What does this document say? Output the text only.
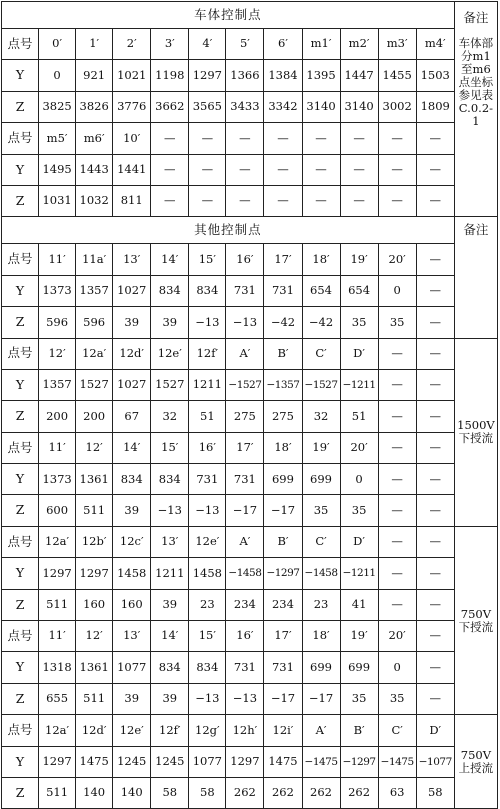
车体控制点												备注
车体部分m1至m6点坐标参见表C.0.2-1

点号	0′	1′	2′	3′	4′	5′	6′	m1′	m2′	m3′	m4′	
Y	0	921	1021	1198	1297	1366	1384	1395	1447	1455	1503	
Z	3825	3826	3776	3662	3565	3433	3342	3140	3140	3002	1809	
点号	m5′	m6′	10′	—	—	—	—	—	—	—	—	
Y	1495	1443	1441	—	—	—	—	—	—	—	—	
Z	1031	1032	811	—	—	—	—	—	—	—	—	
其他控制点												备注
点号	11′	11a′	13′	14′	15′	16′	17′	18′	19′	20′	—	
Y	1373	1357	1027	834	834	731	731	654	654	0	—	
Z	596	596	39	39	−13	−13	−42	−42	35	35	—	
点号	12′	12a′	12d′	12e′	12f′	A′	B′	C′	D′	—	—	1500V下授流
Y	1357	1527	1027	1527	1211	−1527	−1357	−1527	−1211	—	—	
Z	200	200	67	32	51	275	275	32	51	—	—	
点号	11′	12′	14′	15′	16′	17′	18′	19′	20′	—	—	
Y	1373	1361	834	834	731	731	699	699	0	—	—	
Z	600	511	39	−13	−13	−17	−17	35	35	—	—	
点号	12a′	12b′	12c′	13′	12e′	A′	B′	C′	D′	—	—	750V下授流
Y	1297	1297	1458	1211	1458	−1458	−1297	−1458	−1211	—	—	
Z	511	160	160	39	23	234	234	23	41	—	—	
点号	11′	12′	13′	14′	15′	16′	17′	18′	19′	20′	—	
Y	1318	1361	1077	834	834	731	731	699	699	0	—	
Z	655	511	39	39	−13	−13	−17	−17	35	35	—	
点号	12a′	12d′	12e′	12f′	12g′	12h′	12i′	A′	B′	C′	D′	750V上授流
Y	1297	1475	1245	1245	1077	1297	1475	−1475	−1297	−1475	−1077	
Z	511	140	140	58	58	262	262	262	262	63	58	
